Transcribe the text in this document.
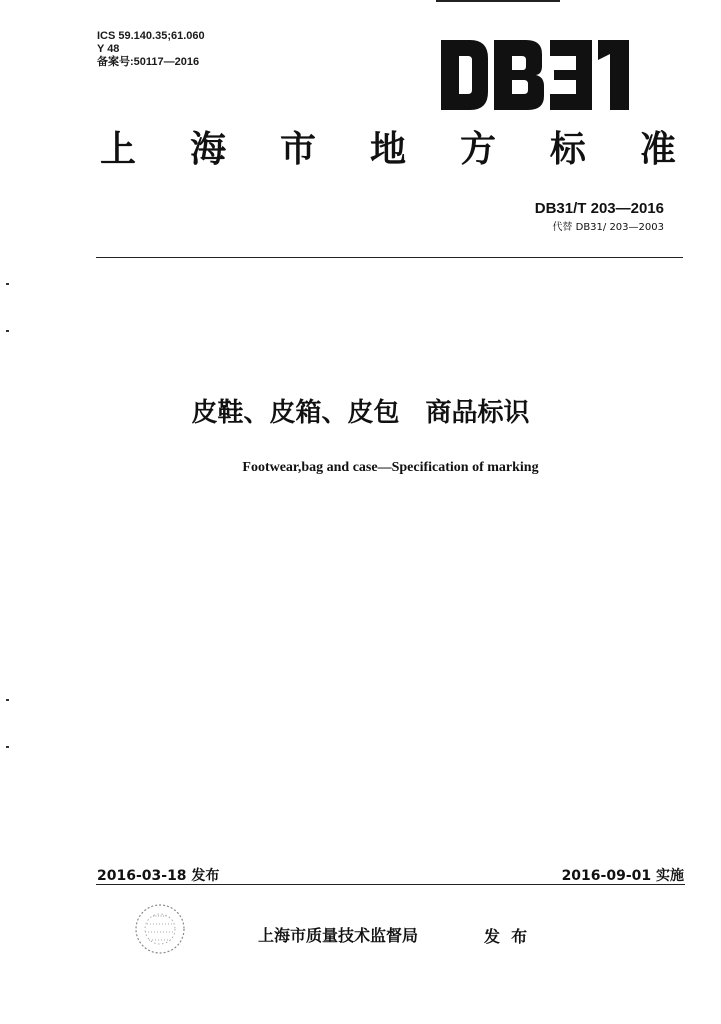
ICS 59.140.35;61.060
Y 48
备案号:50117—2016
DB31
上 海 市 地 方 标 准
DB31/T 203—2016
代替 DB31/ 203—2003
皮鞋、皮箱、皮包　商品标识
Footwear,bag and case—Specification of marking
2016-03-18 发布	2016-09-01 实施
上海市质量技术监督局	发  布
